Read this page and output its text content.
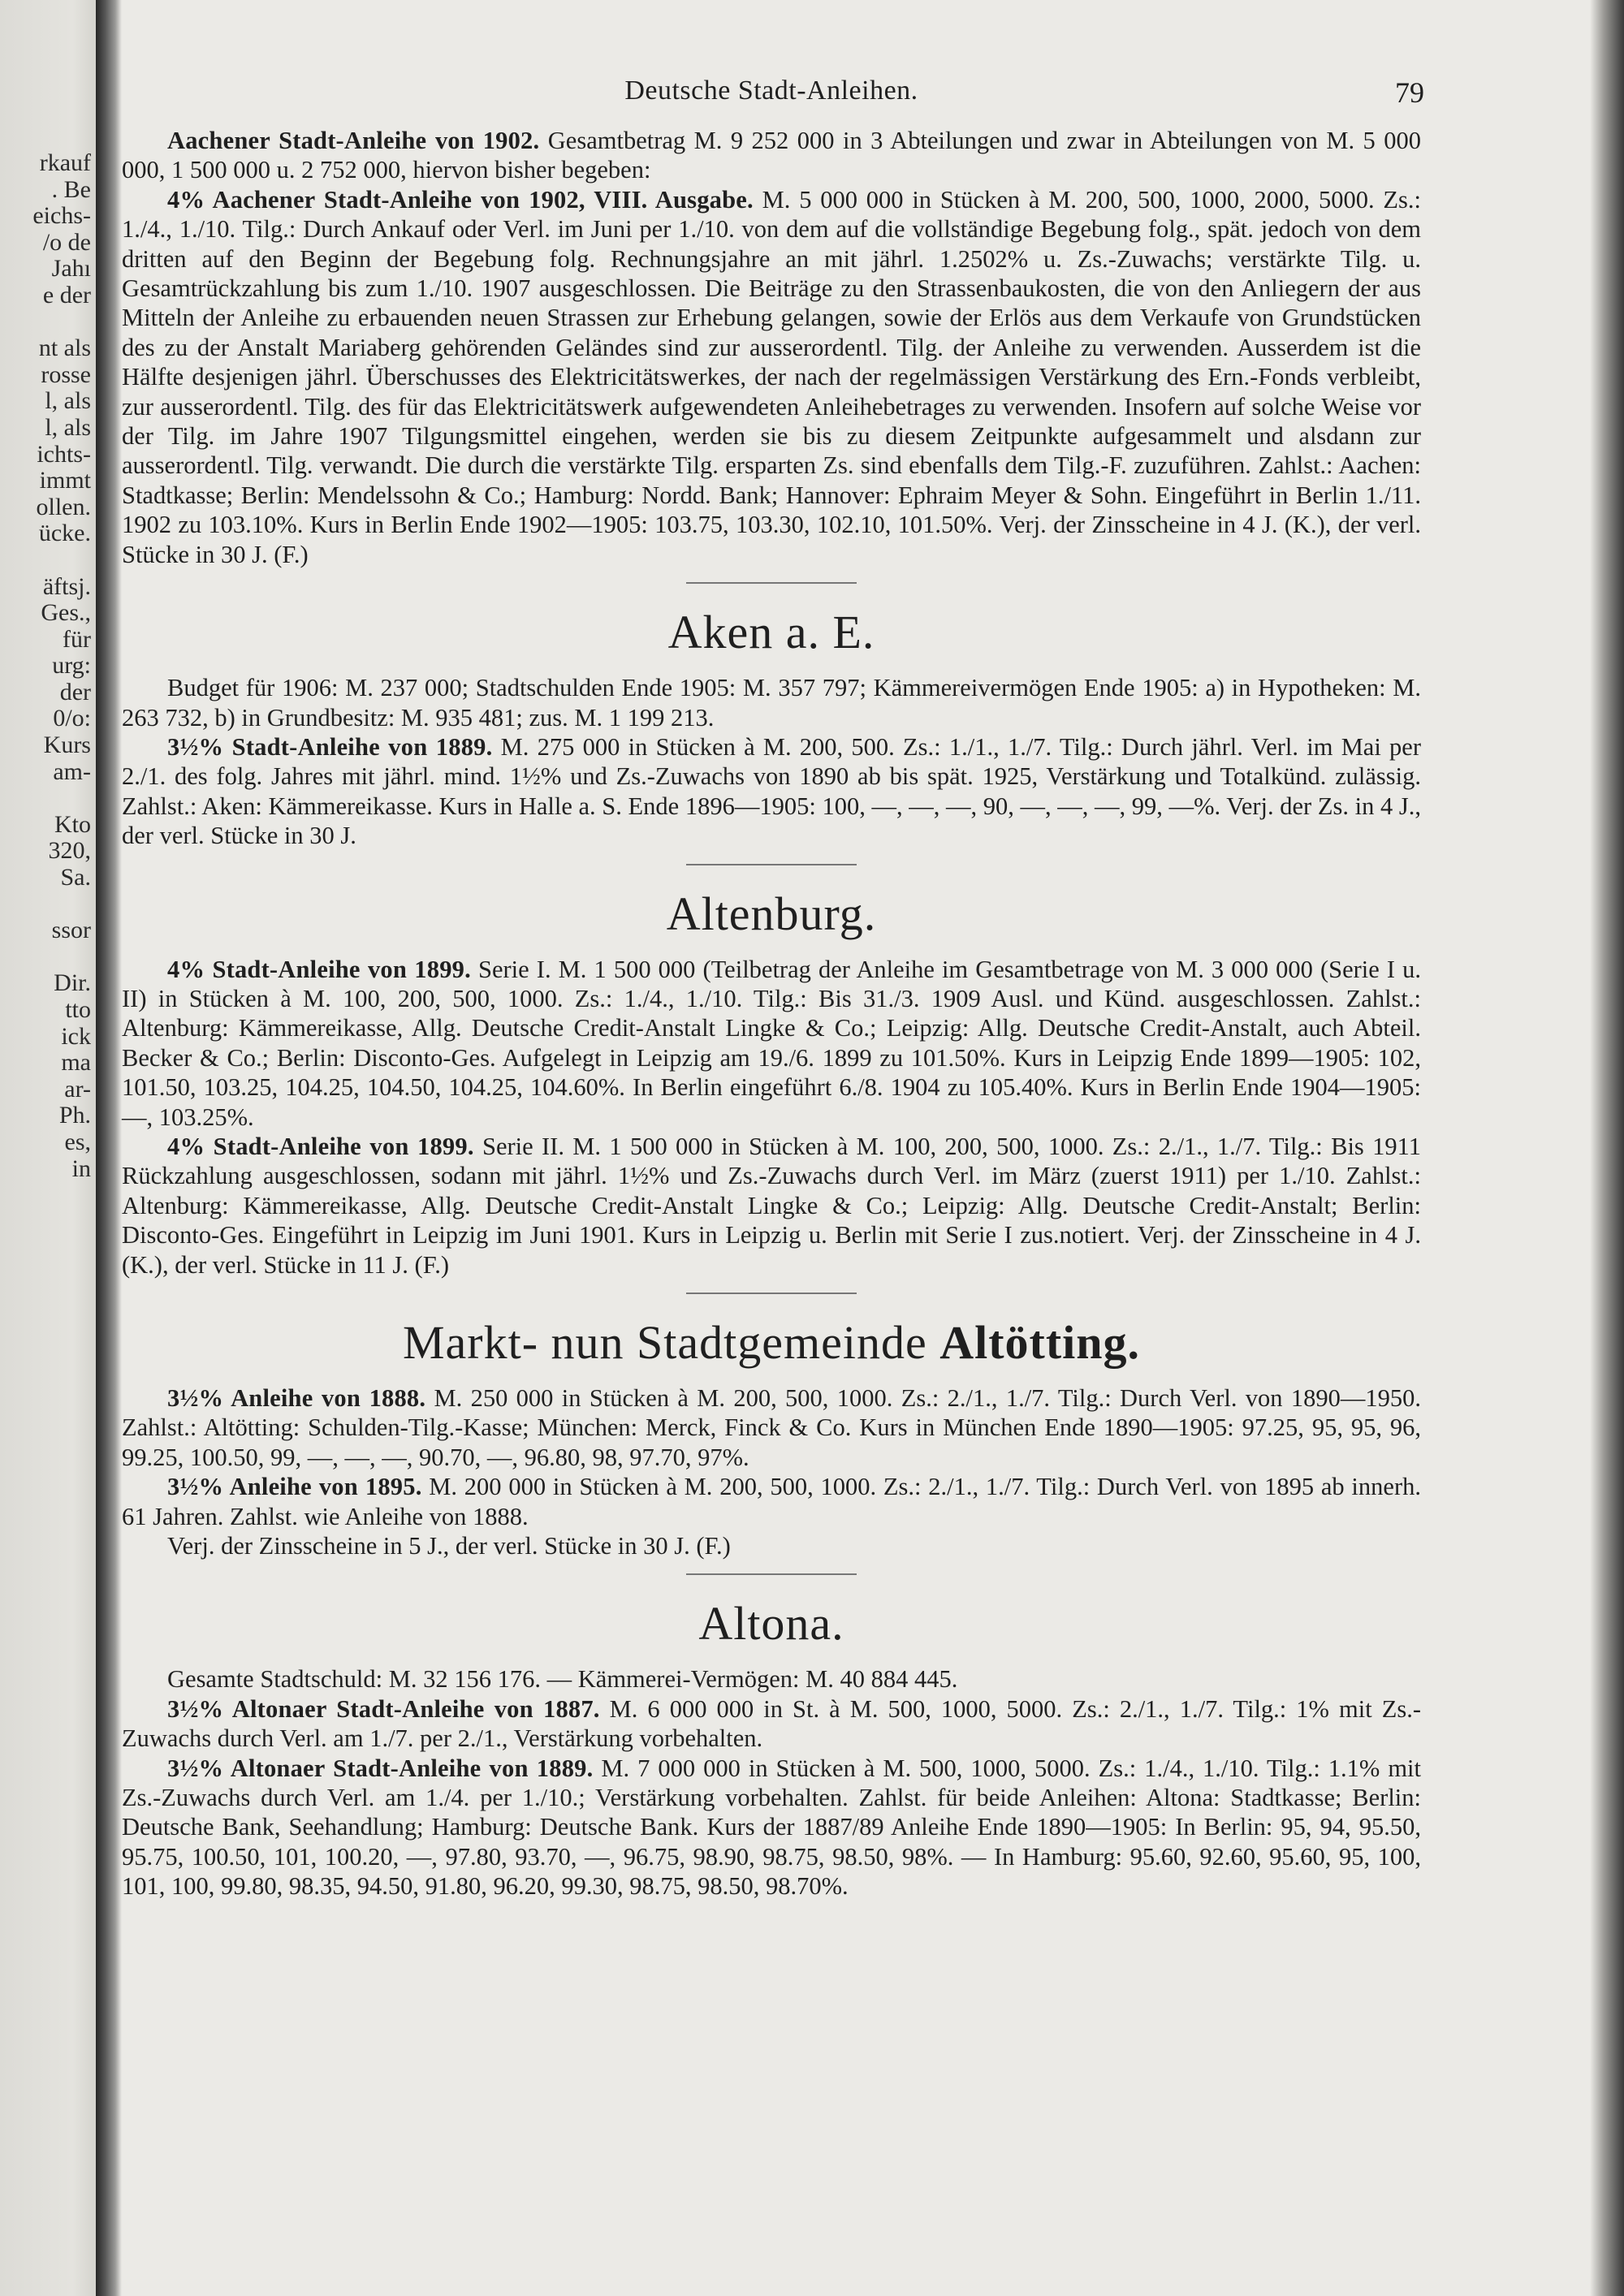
rkauf
. Be
eichs-
/o de
Jahı
e der

nt als
rosse
l, als
l, als
ichts-
immt
ollen.
ücke.

äftsj.
Ges.,
für
urg:
der
0/o:
Kurs
am-

Kto
320,
Sa.

ssor

Dir.
tto
ick
ma
ar-
Ph.
es,
in
Deutsche Stadt-Anleihen.	79

Aachener Stadt-Anleihe von 1902. Gesamtbetrag M. 9 252 000 in 3 Abteilungen und zwar in Abteilungen von M. 5 000 000, 1 500 000 u. 2 752 000, hiervon bisher begeben:

4% Aachener Stadt-Anleihe von 1902, VIII. Ausgabe. M. 5 000 000 in Stücken à M. 200, 500, 1000, 2000, 5000. Zs.: 1./4., 1./10. Tilg.: Durch Ankauf oder Verl. im Juni per 1./10. von dem auf die vollständige Begebung folg., spät. jedoch von dem dritten auf den Beginn der Begebung folg. Rechnungsjahre an mit jährl. 1.2502% u. Zs.-Zuwachs; verstärkte Tilg. u. Gesamtrückzahlung bis zum 1./10. 1907 ausgeschlossen. Die Beiträge zu den Strassenbaukosten, die von den Anliegern der aus Mitteln der Anleihe zu erbauenden neuen Strassen zur Erhebung gelangen, sowie der Erlös aus dem Verkaufe von Grundstücken des zu der Anstalt Mariaberg gehörenden Geländes sind zur ausserordentl. Tilg. der Anleihe zu verwenden. Ausserdem ist die Hälfte desjenigen jährl. Überschusses des Elektricitätswerkes, der nach der regelmässigen Verstärkung des Ern.-Fonds verbleibt, zur ausserordentl. Tilg. des für das Elektricitätswerk aufgewendeten Anleihebetrages zu verwenden. Insofern auf solche Weise vor der Tilg. im Jahre 1907 Tilgungsmittel eingehen, werden sie bis zu diesem Zeitpunkte aufgesammelt und alsdann zur ausserordentl. Tilg. verwandt. Die durch die verstärkte Tilg. ersparten Zs. sind ebenfalls dem Tilg.-F. zuzuführen. Zahlst.: Aachen: Stadtkasse; Berlin: Mendelssohn & Co.; Hamburg: Nordd. Bank; Hannover: Ephraim Meyer & Sohn. Eingeführt in Berlin 1./11. 1902 zu 103.10%. Kurs in Berlin Ende 1902—1905: 103.75, 103.30, 102.10, 101.50%. Verj. der Zinsscheine in 4 J. (K.), der verl. Stücke in 30 J. (F.)

Aken a. E.

Budget für 1906: M. 237 000; Stadtschulden Ende 1905: M. 357 797; Kämmereivermögen Ende 1905: a) in Hypotheken: M. 263 732, b) in Grundbesitz: M. 935 481; zus. M. 1 199 213.

3½% Stadt-Anleihe von 1889. M. 275 000 in Stücken à M. 200, 500. Zs.: 1./1., 1./7. Tilg.: Durch jährl. Verl. im Mai per 2./1. des folg. Jahres mit jährl. mind. 1½% und Zs.-Zuwachs von 1890 ab bis spät. 1925, Verstärkung und Totalkünd. zulässig. Zahlst.: Aken: Kämmereikasse. Kurs in Halle a. S. Ende 1896—1905: 100, —, —, —, 90, —, —, —, 99, —%. Verj. der Zs. in 4 J., der verl. Stücke in 30 J.

Altenburg.

4% Stadt-Anleihe von 1899. Serie I. M. 1 500 000 (Teilbetrag der Anleihe im Gesamtbetrage von M. 3 000 000 (Serie I u. II) in Stücken à M. 100, 200, 500, 1000. Zs.: 1./4., 1./10. Tilg.: Bis 31./3. 1909 Ausl. und Künd. ausgeschlossen. Zahlst.: Altenburg: Kämmereikasse, Allg. Deutsche Credit-Anstalt Lingke & Co.; Leipzig: Allg. Deutsche Credit-Anstalt, auch Abteil. Becker & Co.; Berlin: Disconto-Ges. Aufgelegt in Leipzig am 19./6. 1899 zu 101.50%. Kurs in Leipzig Ende 1899—1905: 102, 101.50, 103.25, 104.25, 104.50, 104.25, 104.60%. In Berlin eingeführt 6./8. 1904 zu 105.40%. Kurs in Berlin Ende 1904—1905: —, 103.25%.

4% Stadt-Anleihe von 1899. Serie II. M. 1 500 000 in Stücken à M. 100, 200, 500, 1000. Zs.: 2./1., 1./7. Tilg.: Bis 1911 Rückzahlung ausgeschlossen, sodann mit jährl. 1½% und Zs.-Zuwachs durch Verl. im März (zuerst 1911) per 1./10. Zahlst.: Altenburg: Kämmereikasse, Allg. Deutsche Credit-Anstalt Lingke & Co.; Leipzig: Allg. Deutsche Credit-Anstalt; Berlin: Disconto-Ges. Eingeführt in Leipzig im Juni 1901. Kurs in Leipzig u. Berlin mit Serie I zus.notiert. Verj. der Zinsscheine in 4 J. (K.), der verl. Stücke in 11 J. (F.)

Markt- nun Stadtgemeinde Altötting.

3½% Anleihe von 1888. M. 250 000 in Stücken à M. 200, 500, 1000. Zs.: 2./1., 1./7. Tilg.: Durch Verl. von 1890—1950. Zahlst.: Altötting: Schulden-Tilg.-Kasse; München: Merck, Finck & Co. Kurs in München Ende 1890—1905: 97.25, 95, 95, 96, 99.25, 100.50, 99, —, —, —, 90.70, —, 96.80, 98, 97.70, 97%.

3½% Anleihe von 1895. M. 200 000 in Stücken à M. 200, 500, 1000. Zs.: 2./1., 1./7. Tilg.: Durch Verl. von 1895 ab innerh. 61 Jahren. Zahlst. wie Anleihe von 1888.

Verj. der Zinsscheine in 5 J., der verl. Stücke in 30 J. (F.)

Altona.

Gesamte Stadtschuld: M. 32 156 176. — Kämmerei-Vermögen: M. 40 884 445.

3½% Altonaer Stadt-Anleihe von 1887. M. 6 000 000 in St. à M. 500, 1000, 5000. Zs.: 2./1., 1./7. Tilg.: 1% mit Zs.-Zuwachs durch Verl. am 1./7. per 2./1., Verstärkung vorbehalten.

3½% Altonaer Stadt-Anleihe von 1889. M. 7 000 000 in Stücken à M. 500, 1000, 5000. Zs.: 1./4., 1./10. Tilg.: 1.1% mit Zs.-Zuwachs durch Verl. am 1./4. per 1./10.; Verstärkung vorbehalten. Zahlst. für beide Anleihen: Altona: Stadtkasse; Berlin: Deutsche Bank, Seehandlung; Hamburg: Deutsche Bank. Kurs der 1887/89 Anleihe Ende 1890—1905: In Berlin: 95, 94, 95.50, 95.75, 100.50, 101, 100.20, —, 97.80, 93.70, —, 96.75, 98.90, 98.75, 98.50, 98%. — In Hamburg: 95.60, 92.60, 95.60, 95, 100, 101, 100, 99.80, 98.35, 94.50, 91.80, 96.20, 99.30, 98.75, 98.50, 98.70%.
